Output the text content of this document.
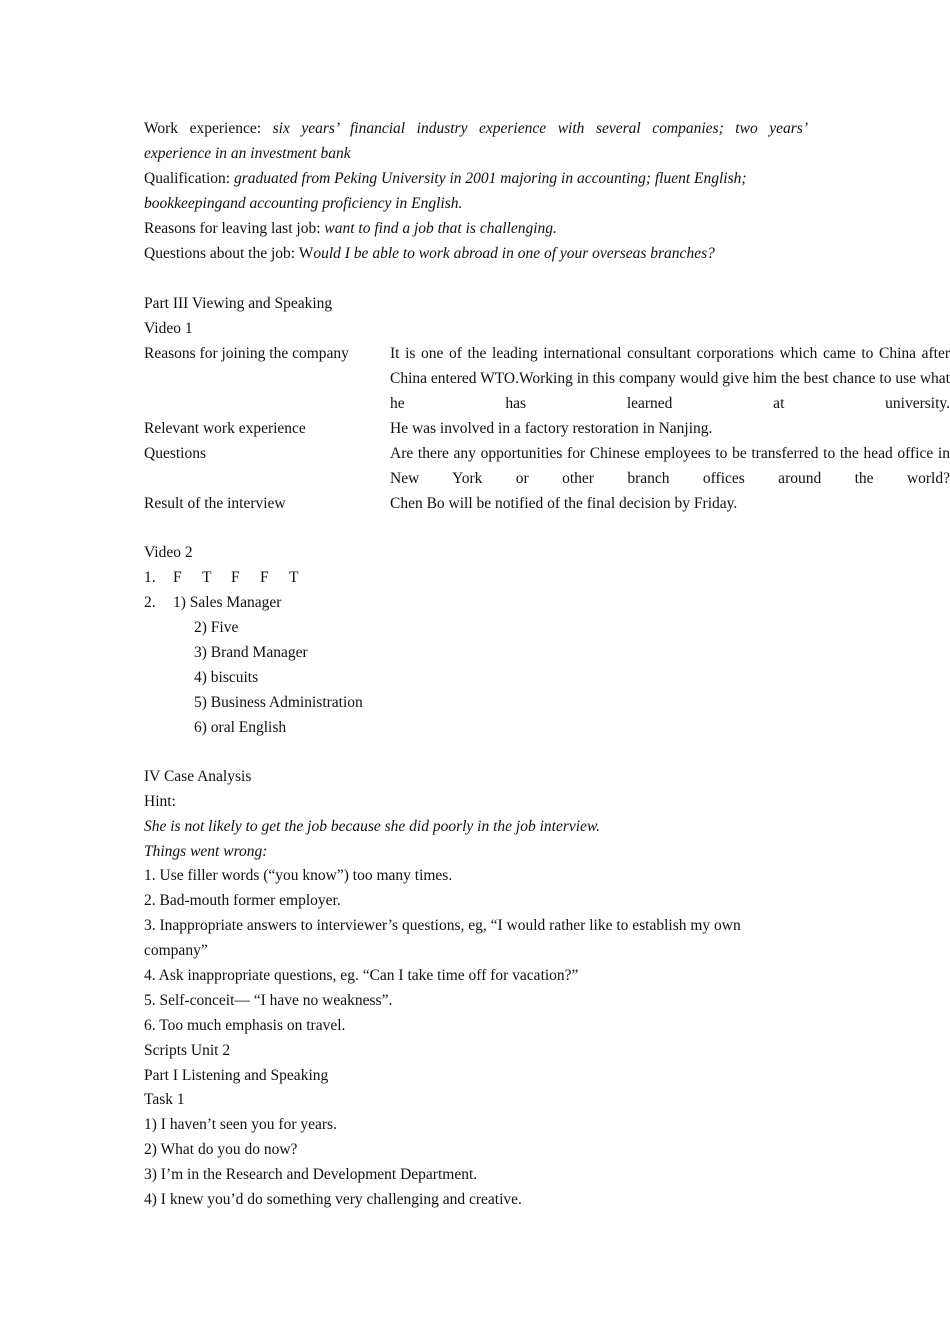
Work experience: six years’ financial industry experience with several companies; two years’
experience in an investment bank
Qualification: graduated from Peking University in 2001 majoring in accounting; fluent English;
bookkeepingand accounting proficiency in English.
Reasons for leaving last job: want to find a job that is challenging.
Questions about the job: Would I be able to work abroad in one of your overseas branches?
Part III Viewing and Speaking
Video 1
Reasons for joining the company	It is one of the leading international consultant corporations which came to China after China entered WTO.Working in this company would give him the best chance to use what he has learned at university.
Relevant work experience	He was involved in a factory restoration in Nanjing.
Questions	Are there any opportunities for Chinese employees to be transferred to the head office in New York or other branch offices around the world?
Result of the interview	Chen Bo will be notified of the final decision by Friday.
Video 2
1. F T F F T
2. 1) Sales Manager
2) Five
3) Brand Manager
4) biscuits
5) Business Administration
6) oral English
IV Case Analysis
Hint:
She is not likely to get the job because she did poorly in the job interview.
Things went wrong:
1. Use filler words (“you know”) too many times.
2. Bad-mouth former employer.
3. Inappropriate answers to interviewer’s questions, eg, “I would rather like to establish my own
company”
4. Ask inappropriate questions, eg. “Can I take time off for vacation?”
5. Self-conceit— “I have no weakness”.
6. Too much emphasis on travel.
Scripts Unit 2
Part I Listening and Speaking
Task 1
1) I haven’t seen you for years.
2) What do you do now?
3) I’m in the Research and Development Department.
4) I knew you’d do something very challenging and creative.
